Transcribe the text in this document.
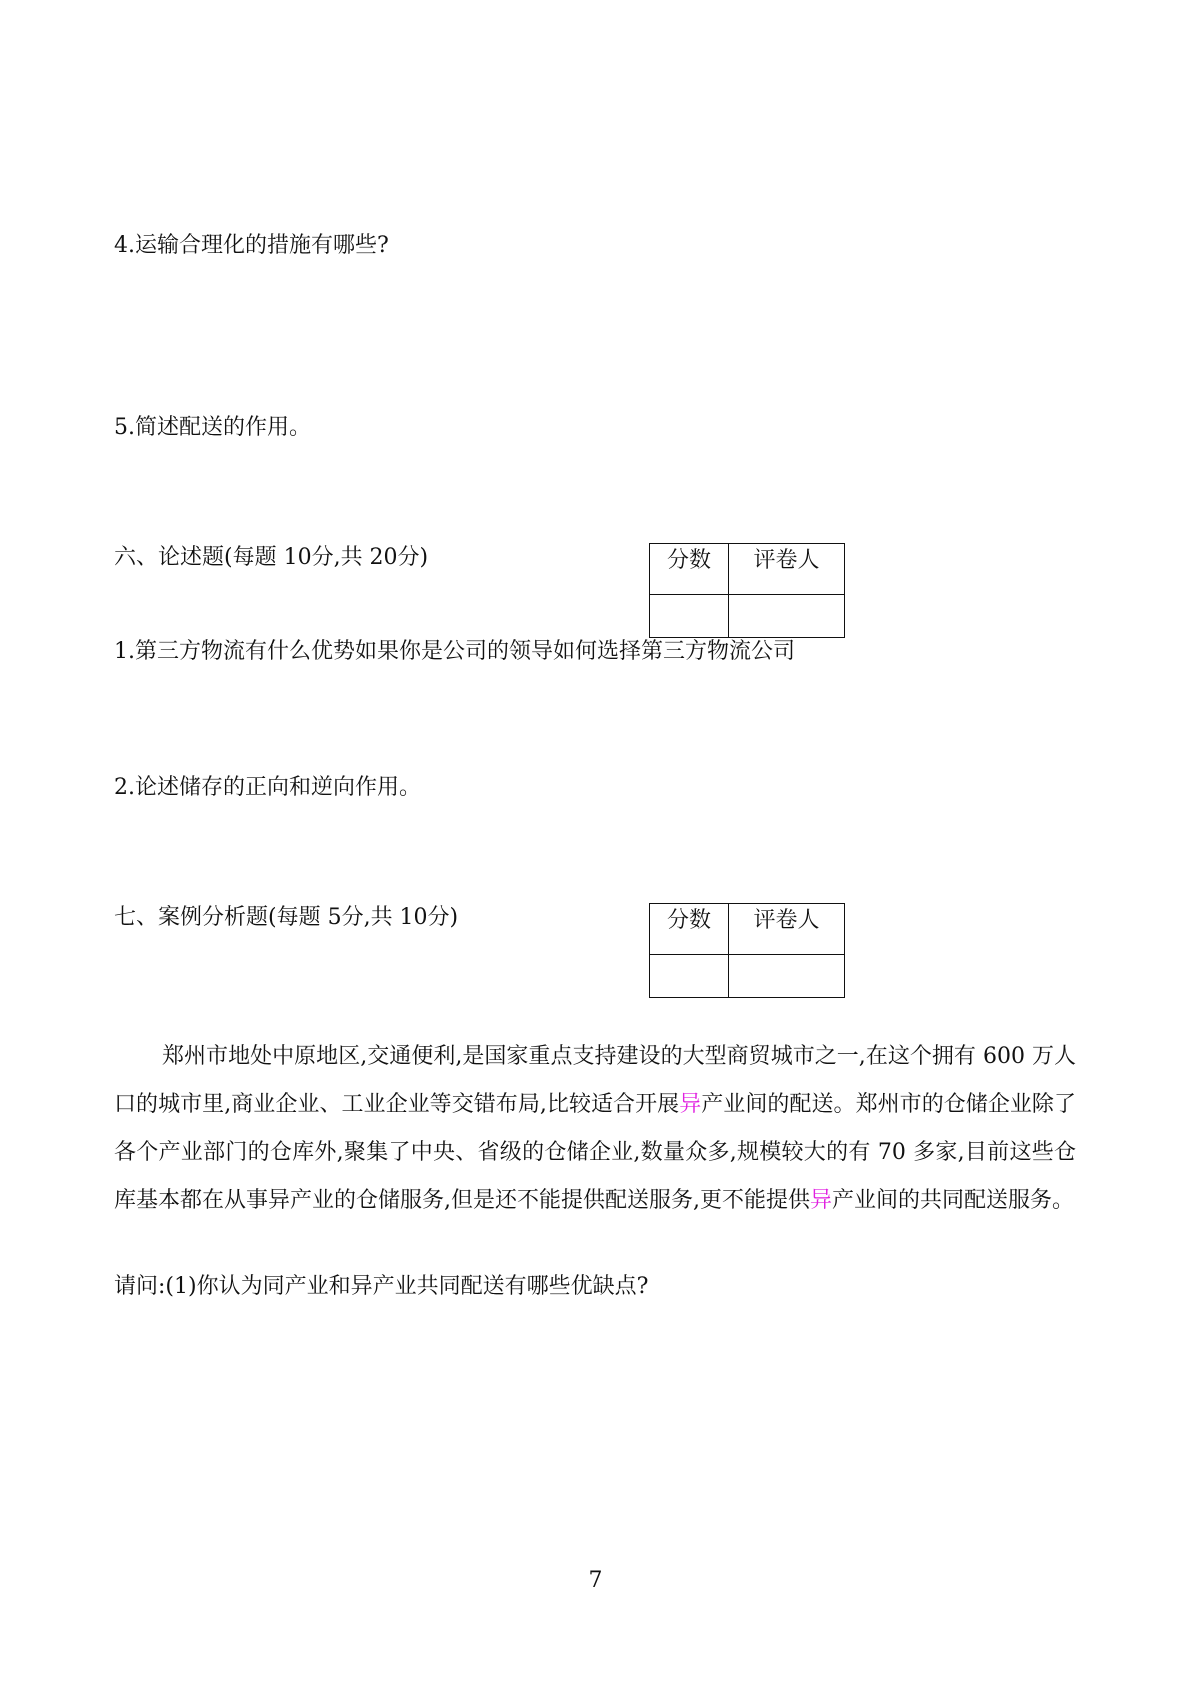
4.运输合理化的措施有哪些?
5.简述配送的作用。
六、论述题(每题 10分,共 20分)	分数	评卷人

1.第三方物流有什么优势如果你是公司的领导如何选择第三方物流公司
2.论述储存的正向和逆向作用。
七、案例分析题(每题 5分,共 10分)	分数	评卷人

郑州市地处中原地区,交通便利,是国家重点支持建设的大型商贸城市之一,在这个拥有 600 万人口的城市里,商业企业、工业企业等交错布局,比较适合开展异产业间的配送。郑州市的仓储企业除了各个产业部门的仓库外,聚集了中央、省级的仓储企业,数量众多,规模较大的有 70 多家,目前这些仓库基本都在从事异产业的仓储服务,但是还不能提供配送服务,更不能提供异产业间的共同配送服务。
请问:(1)你认为同产业和异产业共同配送有哪些优缺点?
7
